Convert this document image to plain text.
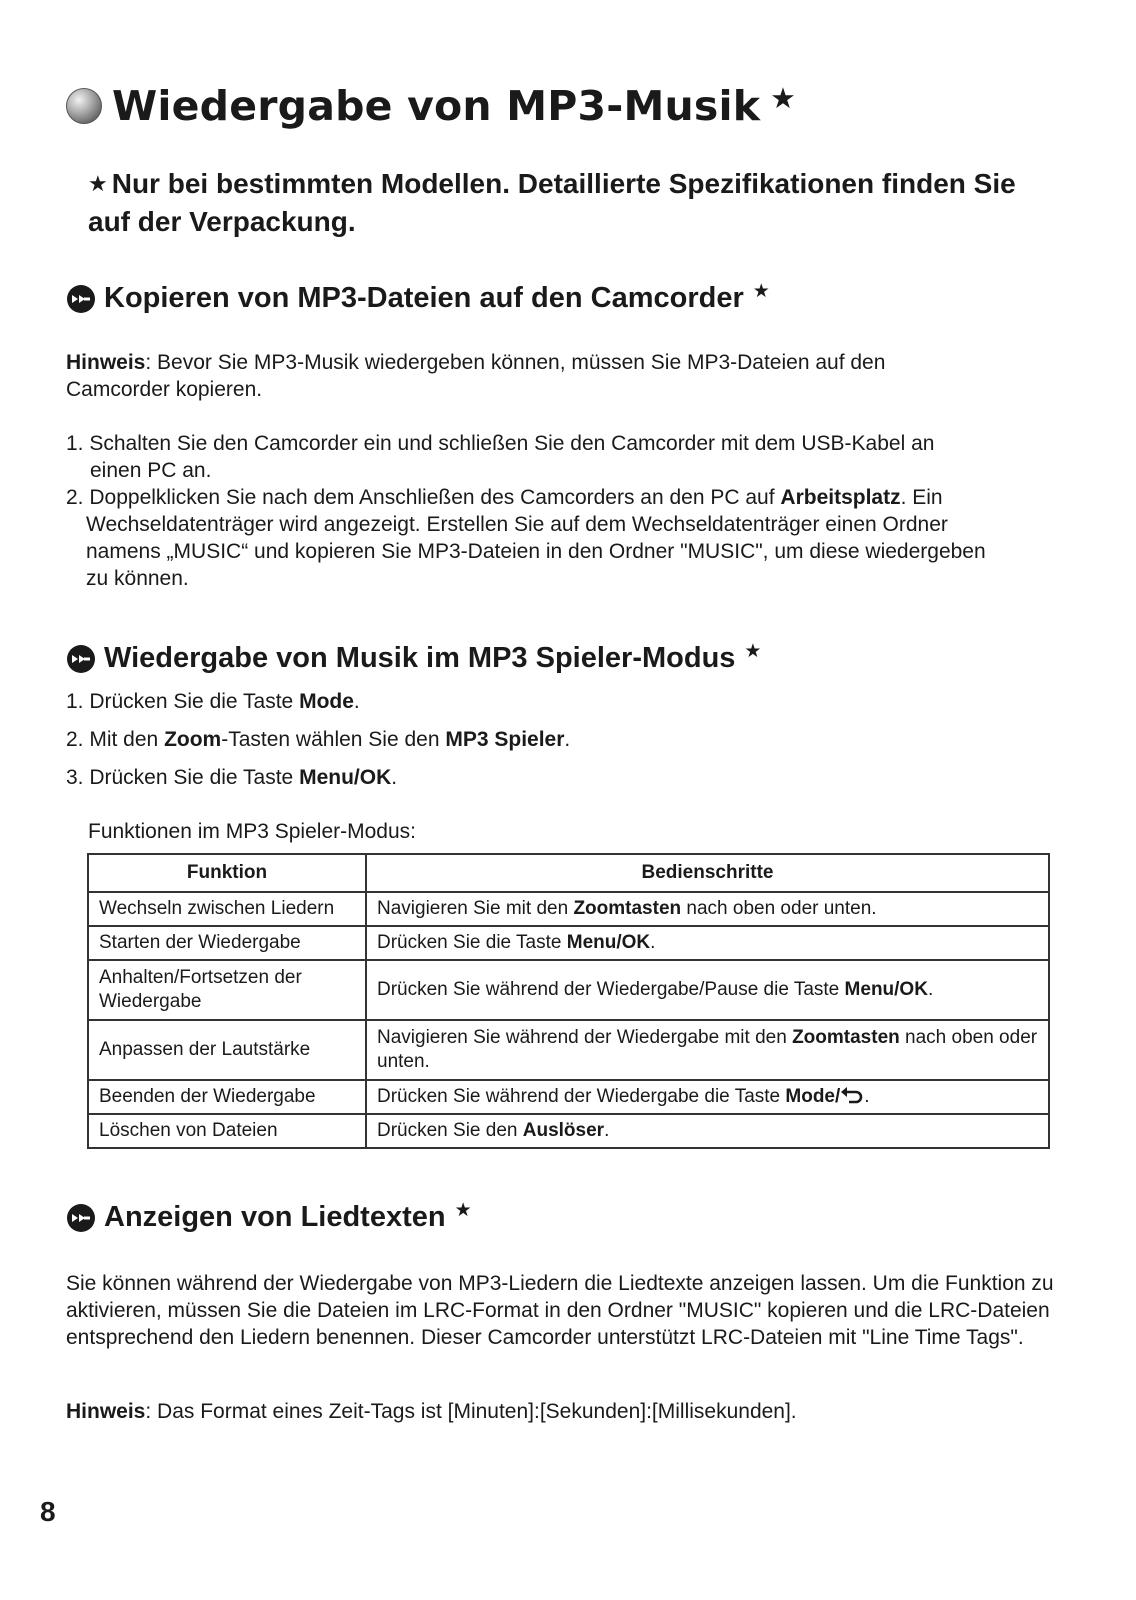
Wiedergabe von MP3-Musik ★
★ Nur bei bestimmten Modellen. Detaillierte Spezifikationen finden Sie auf der Verpackung.
Kopieren von MP3-Dateien auf den Camcorder ★
Hinweis: Bevor Sie MP3-Musik wiedergeben können, müssen Sie MP3-Dateien auf den Camcorder kopieren.
1. Schalten Sie den Camcorder ein und schließen Sie den Camcorder mit dem USB-Kabel an
einen PC an.
2. Doppelklicken Sie nach dem Anschließen des Camcorders an den PC auf Arbeitsplatz. Ein
Wechseldatenträger wird angezeigt. Erstellen Sie auf dem Wechseldatenträger einen Ordner
namens „MUSIC“ und kopieren Sie MP3-Dateien in den Ordner "MUSIC", um diese wiedergeben
zu können.
Wiedergabe von Musik im MP3 Spieler-Modus ★
1. Drücken Sie die Taste Mode.
2. Mit den Zoom-Tasten wählen Sie den MP3 Spieler.
3. Drücken Sie die Taste Menu/OK.
Funktionen im MP3 Spieler-Modus:
Funktion	Bedienschritte
Wechseln zwischen Liedern	Navigieren Sie mit den Zoomtasten nach oben oder unten.
Starten der Wiedergabe	Drücken Sie die Taste Menu/OK.
Anhalten/Fortsetzen der Wiedergabe	Drücken Sie während der Wiedergabe/Pause die Taste Menu/OK.
Anpassen der Lautstärke	Navigieren Sie während der Wiedergabe mit den Zoomtasten nach oben oder unten.
Beenden der Wiedergabe	Drücken Sie während der Wiedergabe die Taste Mode/ .
Löschen von Dateien	Drücken Sie den Auslöser.
Anzeigen von Liedtexten ★
Sie können während der Wiedergabe von MP3-Liedern die Liedtexte anzeigen lassen. Um die Funktion zu aktivieren, müssen Sie die Dateien im LRC-Format in den Ordner "MUSIC" kopieren und die LRC-Dateien entsprechend den Liedern benennen. Dieser Camcorder unterstützt LRC-Dateien mit "Line Time Tags".
Hinweis: Das Format eines Zeit-Tags ist [Minuten]:[Sekunden]:[Millisekunden].
8
